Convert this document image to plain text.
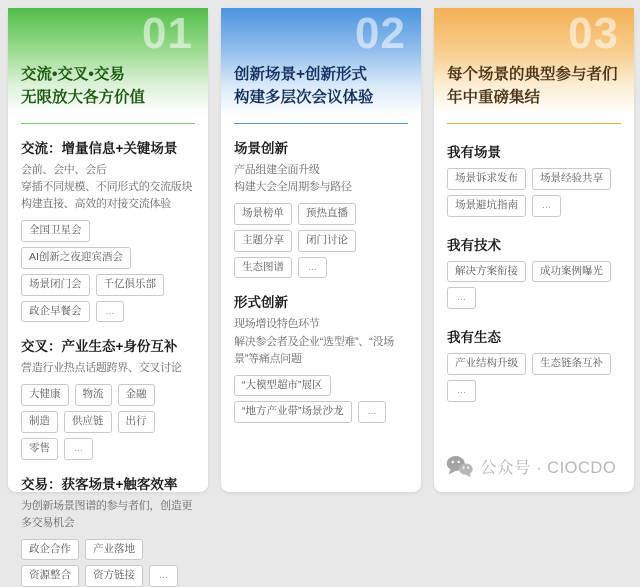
01
交流•交叉•交易
无限放大各方价值
交流：增量信息+关键场景

会前、会中、会后

穿插不同规模、不同形式的交流版块

构建直接、高效的对接交流体验

全国卫星会
AI创新之夜迎宾酒会
场景闭门会	千亿俱乐部
政企早餐会	...
交叉：产业生态+身份互补

营造行业热点话题跨界、交叉讨论

大健康	物流	金融
制造	供应链	出行
零售	...
交易：获客场景+触客效率

为创新场景图谱的参与者们，创造更多交易机会

政企合作	产业落地
资源整合	资方链接	...
02
创新场景+创新形式
构建多层次会议体验
场景创新

产品组建全面升级

构建大会全周期参与路径

场景榜单	预热直播
主题分享	闭门讨论
生态图谱	...
形式创新

现场增设特色环节

解决参会者及企业“选型难”、“没场景”等痛点问题

“大模型超市”展区
“地方产业带”场景沙龙	...
03
每个场景的典型参与者们
年中重磅集结
我有场景
场景诉求发布	场景经验共享
场景避坑指南	...
我有技术
解决方案衔接	成功案例曝光
...
我有生态
产业结构升级	生态链条互补
...
公众号 · CIOCDO
